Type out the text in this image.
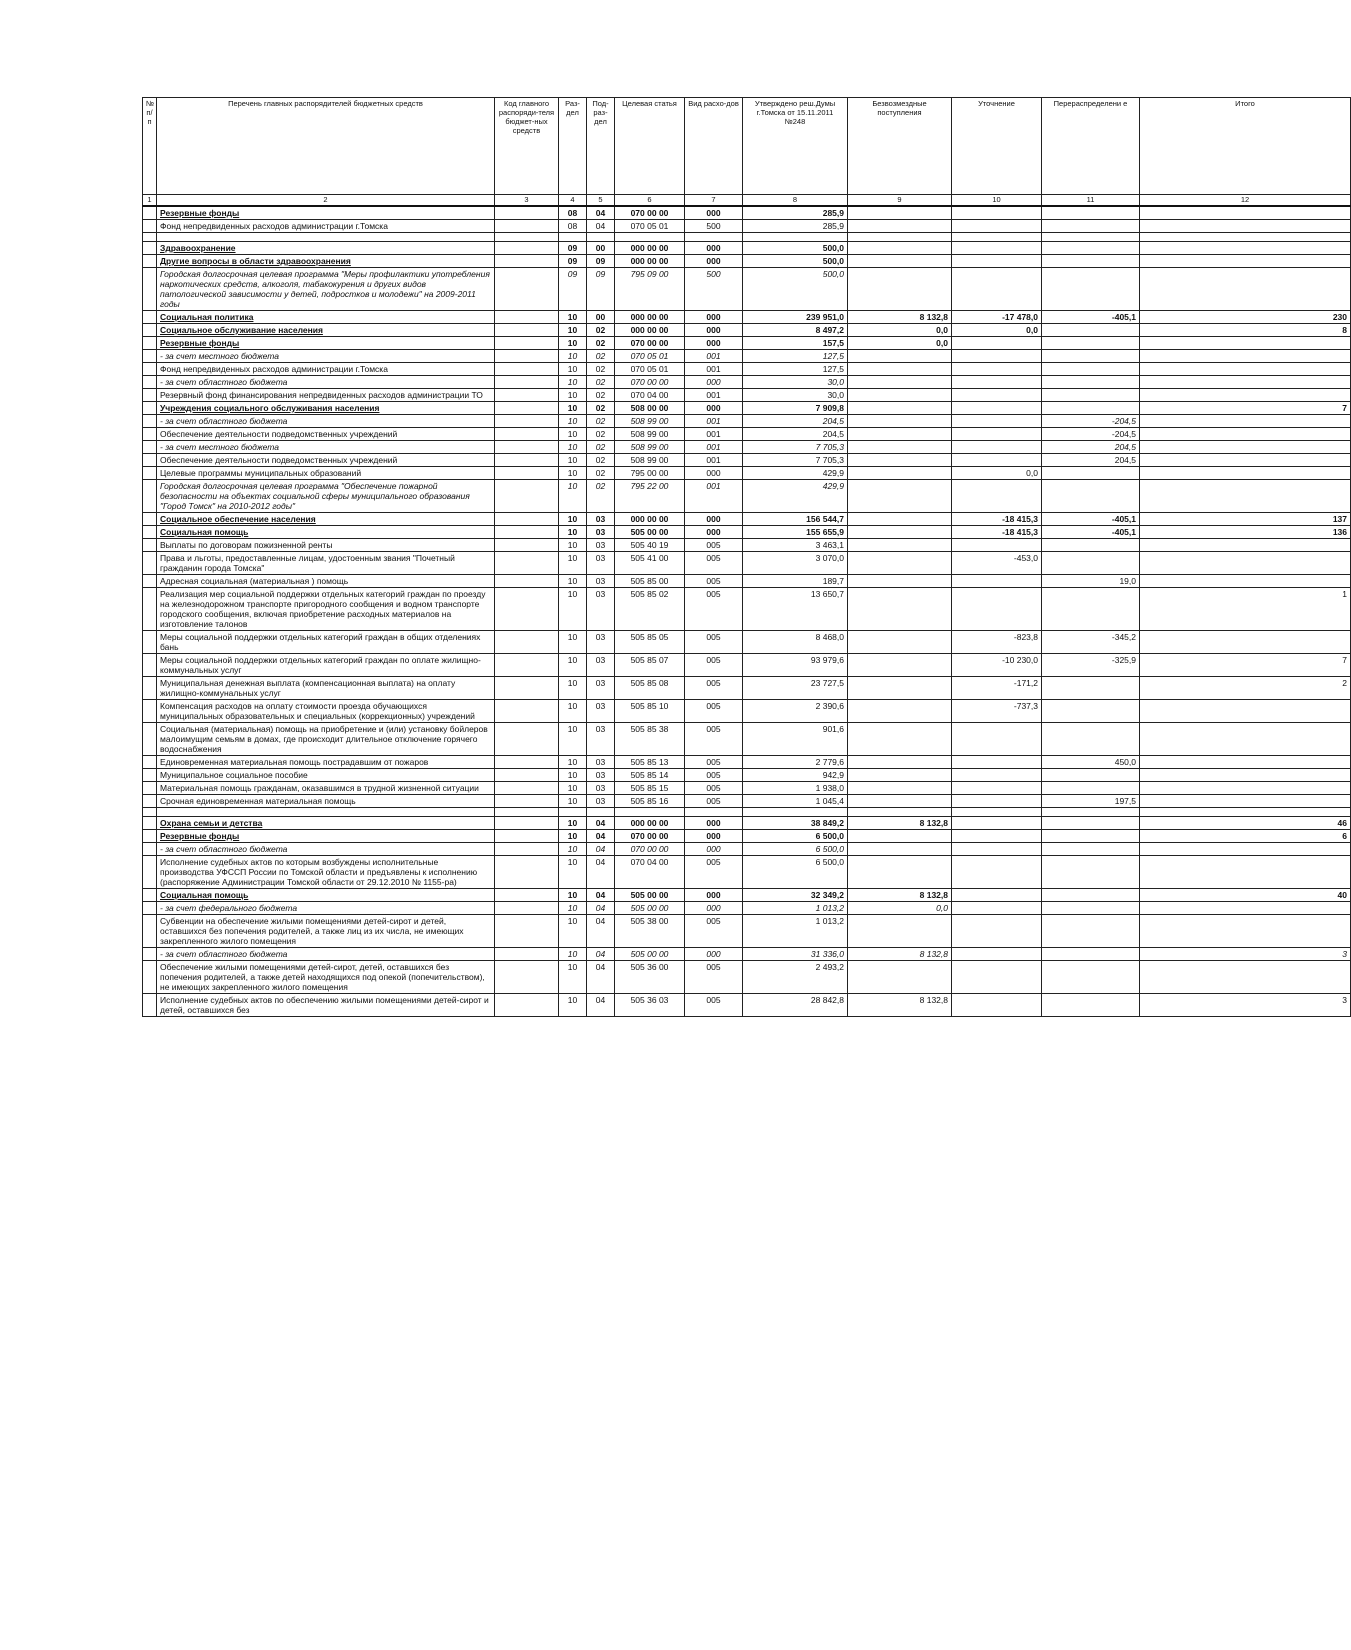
№ п/п	Перечень главных распорядителей бюджетных средств	Код главного распоряди-теля бюджет-ных средств	Раз-дел	Под-раз-дел	Целевая статья	Вид расхо-дов	Утверждено реш.Думы г.Томска от 15.11.2011 №248	Безвозмездные поступления	Уточнение	Перераспределени е	Итого
1	2	3	4	5	6	7	8	9	10	11	12
	Резервные фонды		08	04	070 00 00	000	285,9				
	Фонд непредвиденных расходов администрации г.Томска		08	04	070 05 01	500	285,9				

	Здравоохранение		09	00	000 00 00	000	500,0				
	Другие вопросы в области здравоохранения		09	09	000 00 00	000	500,0				
	Городская долгосрочная целевая программа "Меры профилактики употребления наркотических средств, алкоголя, табакокурения и других видов патологической зависимости у детей, подростков и молодежи" на 2009-2011 годы		09	09	795 09 00	500	500,0				
	Социальная политика		10	00	000 00 00	000	239 951,0	8 132,8	-17 478,0	-405,1	230
	Социальное обслуживание населения		10	02	000 00 00	000	8 497,2	0,0	0,0		8
	Резервные фонды		10	02	070 00 00	000	157,5	0,0			
	- за счет местного бюджета		10	02	070 05 01	001	127,5				
	Фонд непредвиденных расходов администрации г.Томска		10	02	070 05 01	001	127,5				
	- за счет областного бюджета		10	02	070 00 00	000	30,0				
	Резервный фонд финансирования непредвиденных расходов администрации ТО		10	02	070 04 00	001	30,0				
	Учреждения социального обслуживания населения		10	02	508 00 00	000	7 909,8				7
	- за счет областного бюджета		10	02	508 99 00	001	204,5			-204,5	
	Обеспечение деятельности подведомственных учреждений		10	02	508 99 00	001	204,5			-204,5	
	- за счет местного бюджета		10	02	508 99 00	001	7 705,3			204,5	
	Обеспечение деятельности подведомственных учреждений		10	02	508 99 00	001	7 705,3			204,5	
	Целевые программы муниципальных образований		10	02	795 00 00	000	429,9		0,0		
	Городская долгосрочная целевая программа "Обеспечение пожарной безопасности на объектах социальной сферы муниципального образования "Город Томск" на 2010-2012 годы"		10	02	795 22 00	001	429,9				
	Социальное обеспечение населения		10	03	000 00 00	000	156 544,7		-18 415,3	-405,1	137
	Социальная помощь		10	03	505 00 00	000	155 655,9		-18 415,3	-405,1	136
	Выплаты по договорам пожизненной ренты		10	03	505 40 19	005	3 463,1				
	Права и льготы, предоставленные лицам, удостоенным звания "Почетный гражданин города Томска"		10	03	505 41 00	005	3 070,0		-453,0		
	Адресная социальная (материальная ) помощь		10	03	505 85 00	005	189,7			19,0	
	Реализация мер социальной поддержки отдельных категорий граждан по проезду на железнодорожном транспорте пригородного сообщения и водном транспорте городского сообщения, включая приобретение расходных материалов на изготовление талонов		10	03	505 85 02	005	13 650,7				1
	Меры социальной поддержки отдельных категорий граждан в общих отделениях бань		10	03	505 85 05	005	8 468,0		-823,8	-345,2	
	Меры социальной поддержки отдельных категорий граждан по оплате жилищно-коммунальных услуг		10	03	505 85 07	005	93 979,6		-10 230,0	-325,9	7
	Муниципальная денежная выплата (компенсационная выплата) на оплату жилищно-коммунальных услуг		10	03	505 85 08	005	23 727,5		-171,2		2
	Компенсация расходов на оплату стоимости проезда обучающихся муниципальных образовательных и специальных (коррекционных) учреждений		10	03	505 85 10	005	2 390,6		-737,3		
	Социальная (материальная) помощь на приобретение и (или) установку бойлеров малоимущим семьям в домах, где происходит длительное отключение горячего водоснабжения		10	03	505 85 38	005	901,6				
	Единовременная материальная помощь пострадавшим от пожаров		10	03	505 85 13	005	2 779,6			450,0	
	Муниципальное социальное пособие		10	03	505 85 14	005	942,9				
	Материальная помощь гражданам, оказавшимся в трудной жизненной ситуации		10	03	505 85 15	005	1 938,0				
	Срочная единовременная материальная помощь		10	03	505 85 16	005	1 045,4			197,5	

	Охрана семьи и детства		10	04	000 00 00	000	38 849,2	8 132,8			46
	Резервные фонды		10	04	070 00 00	000	6 500,0				6
	- за счет областного бюджета		10	04	070 00 00	000	6 500,0				
	Исполнение судебных актов по которым возбуждены исполнительные производства УФССП России по Томской области и предъявлены к исполнению (распоряжение Администрации Томской области от 29.12.2010 № 1155-ра)		10	04	070 04 00	005	6 500,0				
	Социальная помощь		10	04	505 00 00	000	32 349,2	8 132,8			40
	- за счет федерального бюджета		10	04	505 00 00	000	1 013,2	0,0			
	Субвенции на обеспечение жилыми помещениями детей-сирот и детей, оставшихся без попечения родителей, а также лиц из их числа, не имеющих закрепленного жилого помещения		10	04	505 38 00	005	1 013,2				
	- за счет областного бюджета		10	04	505 00 00	000	31 336,0	8 132,8			3
	Обеспечение жилыми помещениями детей-сирот, детей, оставшихся без попечения родителей, а также детей находящихся под опекой (попечительством), не имеющих закрепленного жилого помещения		10	04	505 36 00	005	2 493,2				
	Исполнение судебных актов по обеспечению жилыми помещениями детей-сирот и детей, оставшихся без		10	04	505 36 03	005	28 842,8	8 132,8			3
